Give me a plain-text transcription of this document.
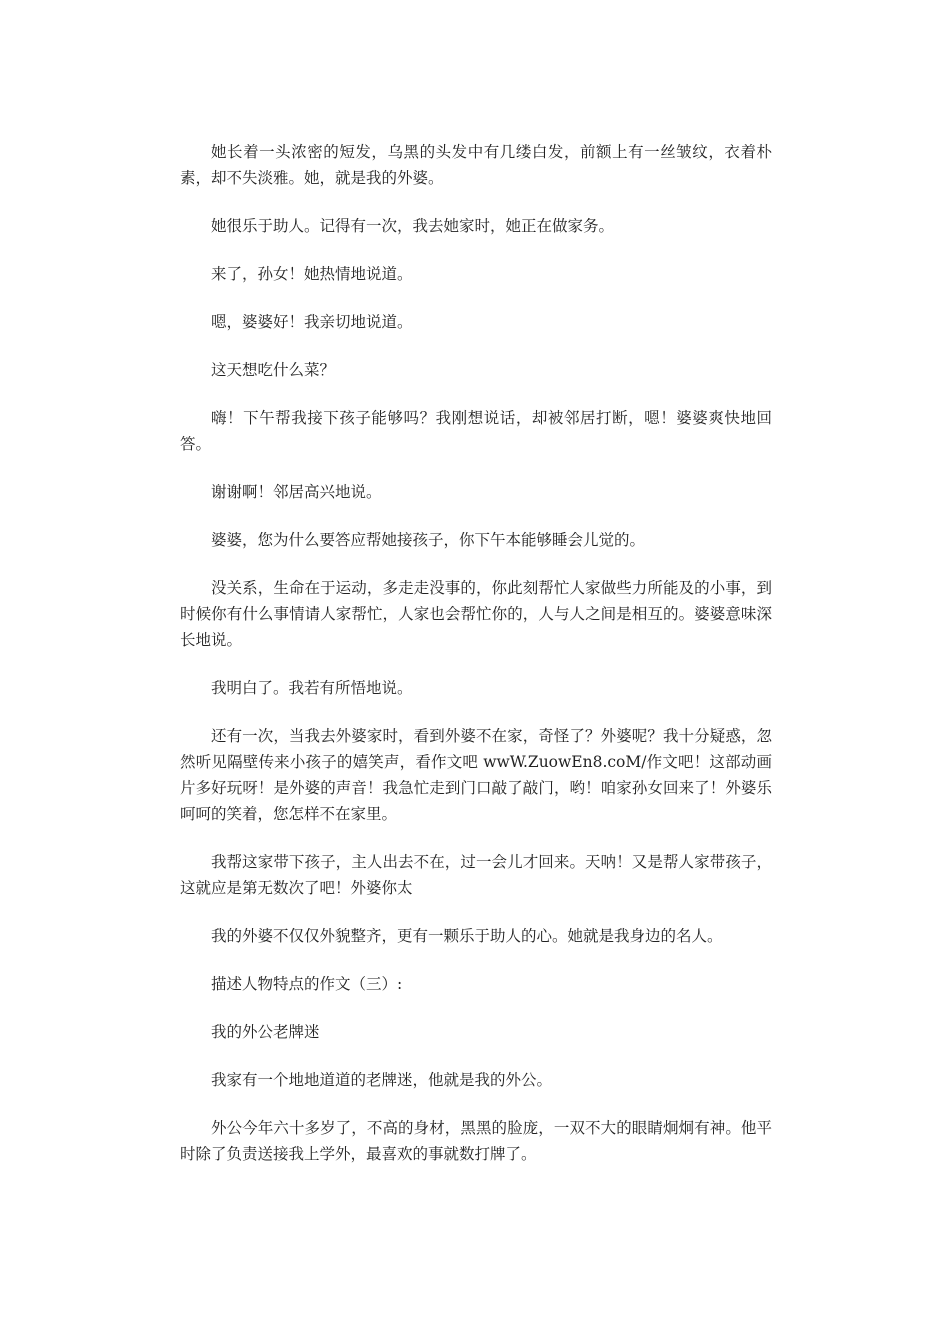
她长着一头浓密的短发，乌黑的头发中有几缕白发，前额上有一丝皱纹，衣着朴素，却不失淡雅。她，就是我的外婆。

她很乐于助人。记得有一次，我去她家时，她正在做家务。

来了，孙女！她热情地说道。

嗯，婆婆好！我亲切地说道。

这天想吃什么菜？

嗨！下午帮我接下孩子能够吗？我刚想说话，却被邻居打断，嗯！婆婆爽快地回答。

谢谢啊！邻居高兴地说。

婆婆，您为什么要答应帮她接孩子，你下午本能够睡会儿觉的。

没关系，生命在于运动，多走走没事的，你此刻帮忙人家做些力所能及的小事，到时候你有什么事情请人家帮忙，人家也会帮忙你的，人与人之间是相互的。婆婆意味深长地说。

我明白了。我若有所悟地说。

还有一次，当我去外婆家时，看到外婆不在家，奇怪了？外婆呢？我十分疑惑，忽然听见隔壁传来小孩子的嬉笑声，看作文吧 wwW.ZuowEn8.coM/作文吧！这部动画片多好玩呀！是外婆的声音！我急忙走到门口敲了敲门，哟！咱家孙女回来了！外婆乐呵呵的笑着，您怎样不在家里。

我帮这家带下孩子，主人出去不在，过一会儿才回来。天呐！又是帮人家带孩子，这就应是第无数次了吧！外婆你太

我的外婆不仅仅外貌整齐，更有一颗乐于助人的心。她就是我身边的名人。

描述人物特点的作文（三）:

我的外公老牌迷

我家有一个地地道道的老牌迷，他就是我的外公。

外公今年六十多岁了，不高的身材，黑黑的脸庞，一双不大的眼睛炯炯有神。他平时除了负责送接我上学外，最喜欢的事就数打牌了。
